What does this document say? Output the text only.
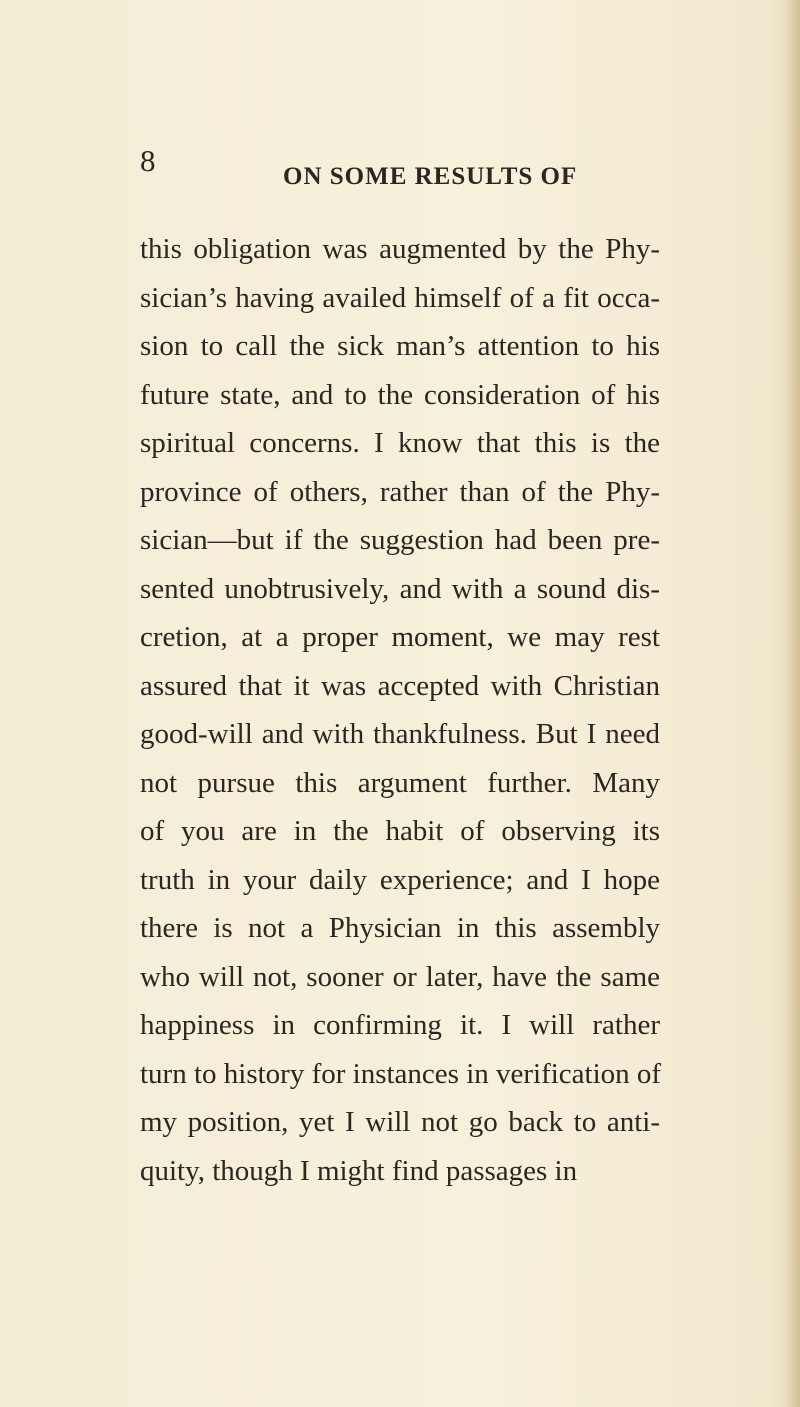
8	ON SOME RESULTS OF
this obligation was augmented by the Phy-
sician’s having availed himself of a fit occa-
sion to call the sick man’s attention to his
future state, and to the consideration of his
spiritual concerns. I know that this is the
province of others, rather than of the Phy-
sician—but if the suggestion had been pre-
sented unobtrusively, and with a sound dis-
cretion, at a proper moment, we may rest
assured that it was accepted with Christian
good-will and with thankfulness. But I need
not pursue this argument further. Many
of you are in the habit of observing its
truth in your daily experience; and I hope
there is not a Physician in this assembly
who will not, sooner or later, have the same
happiness in confirming it. I will rather
turn to history for instances in verification of
my position, yet I will not go back to anti-
quity, though I might find passages in
